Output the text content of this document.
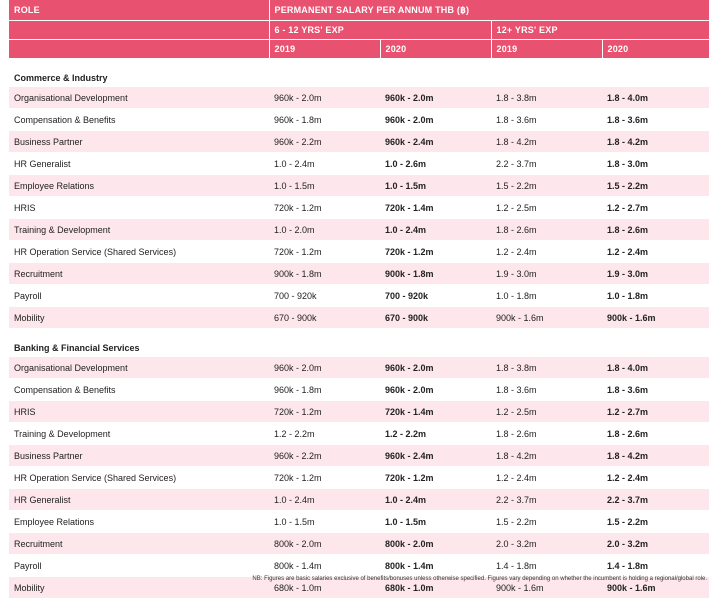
ROLE	PERMANENT SALARY PER ANNUM THB (฿)			
	6 - 12 YRS' EXP		12+ YRS' EXP	
	2019	2020	2019	2020
Commerce & Industry				
Organisational Development	960k - 2.0m	960k - 2.0m	1.8 - 3.8m	1.8 - 4.0m
Compensation & Benefits	960k - 1.8m	960k - 2.0m	1.8 - 3.6m	1.8 - 3.6m
Business Partner	960k - 2.2m	960k - 2.4m	1.8 - 4.2m	1.8 - 4.2m
HR Generalist	1.0 - 2.4m	1.0 - 2.6m	2.2 - 3.7m	1.8 - 3.0m
Employee Relations	1.0 - 1.5m	1.0 - 1.5m	1.5 - 2.2m	1.5 - 2.2m
HRIS	720k - 1.2m	720k - 1.4m	1.2 - 2.5m	1.2 - 2.7m
Training & Development	1.0 - 2.0m	1.0 - 2.4m	1.8 - 2.6m	1.8 - 2.6m
HR Operation Service (Shared Services)	720k - 1.2m	720k - 1.2m	1.2 - 2.4m	1.2 - 2.4m
Recruitment	900k - 1.8m	900k - 1.8m	1.9 - 3.0m	1.9 - 3.0m
Payroll	700 - 920k	700 - 920k	1.0 - 1.8m	1.0 - 1.8m
Mobility	670 - 900k	670 - 900k	900k - 1.6m	900k - 1.6m
Banking & Financial Services				
Organisational Development	960k - 2.0m	960k - 2.0m	1.8 - 3.8m	1.8 - 4.0m
Compensation & Benefits	960k - 1.8m	960k - 2.0m	1.8 - 3.6m	1.8 - 3.6m
HRIS	720k - 1.2m	720k - 1.4m	1.2 - 2.5m	1.2 - 2.7m
Training & Development	1.2 - 2.2m	1.2 - 2.2m	1.8 - 2.6m	1.8 - 2.6m
Business Partner	960k - 2.2m	960k - 2.4m	1.8 - 4.2m	1.8 - 4.2m
HR Operation Service (Shared Services)	720k - 1.2m	720k - 1.2m	1.2 - 2.4m	1.2 - 2.4m
HR Generalist	1.0 - 2.4m	1.0 - 2.4m	2.2 - 3.7m	2.2 - 3.7m
Employee Relations	1.0 - 1.5m	1.0 - 1.5m	1.5 - 2.2m	1.5 - 2.2m
Recruitment	800k - 2.0m	800k - 2.0m	2.0 - 3.2m	2.0 - 3.2m
Payroll	800k - 1.4m	800k - 1.4m	1.4 - 1.8m	1.4 - 1.8m
Mobility	680k - 1.0m	680k - 1.0m	900k - 1.6m	900k - 1.6m
NB: Figures are basic salaries exclusive of benefits/bonuses unless otherwise specified. Figures vary depending on whether the incumbent is holding a regional/global role.
